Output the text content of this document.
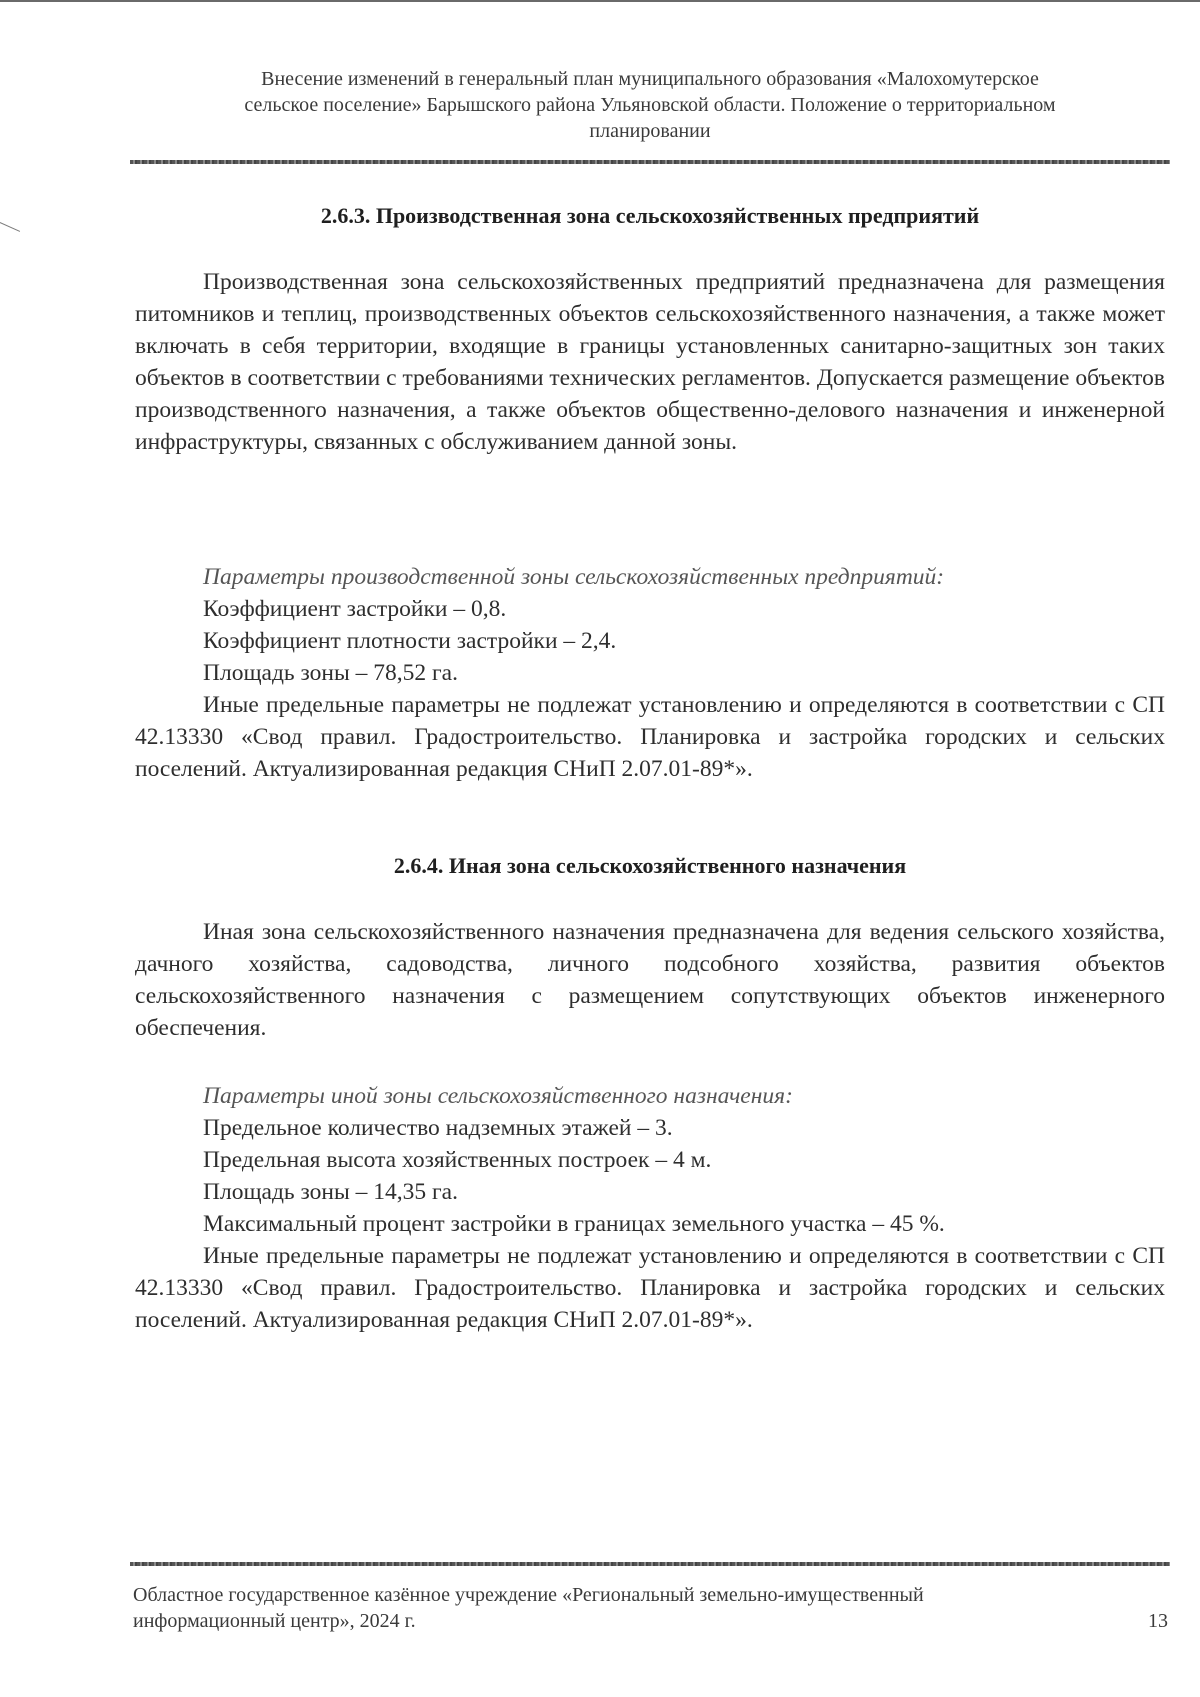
Внесение изменений в генеральный план муниципального образования «Малохомутерское
сельское поселение» Барышского района Ульяновской области. Положение о территориальном
планировании
2.6.3. Производственная зона сельскохозяйственных предприятий
Производственная зона сельскохозяйственных предприятий предназначена для размещения питомников и теплиц, производственных объектов сельскохозяйственного назначения, а также может включать в себя территории, входящие в границы установленных санитарно-защитных зон таких объектов в соответствии с требованиями технических регламентов. Допускается размещение объектов производственного назначения, а также объектов общественно-делового назначения и инженерной инфраструктуры, связанных с обслуживанием данной зоны.
Параметры производственной зоны сельскохозяйственных предприятий:
Коэффициент застройки – 0,8.
Коэффициент плотности застройки – 2,4.
Площадь зоны – 78,52 га.
Иные предельные параметры не подлежат установлению и определяются в соответствии с СП 42.13330 «Свод правил. Градостроительство. Планировка и застройка городских и сельских поселений. Актуализированная редакция СНиП 2.07.01-89*».
2.6.4. Иная зона сельскохозяйственного назначения
Иная зона сельскохозяйственного назначения предназначена для ведения сельского хозяйства, дачного хозяйства, садоводства, личного подсобного хозяйства, развития объектов сельскохозяйственного назначения с размещением сопутствующих объектов инженерного обеспечения.
Параметры иной зоны сельскохозяйственного назначения:
Предельное количество надземных этажей – 3.
Предельная высота хозяйственных построек – 4 м.
Площадь зоны – 14,35 га.
Максимальный процент застройки в границах земельного участка – 45 %.
Иные предельные параметры не подлежат установлению и определяются в соответствии с СП 42.13330 «Свод правил. Градостроительство. Планировка и застройка городских и сельских поселений. Актуализированная редакция СНиП 2.07.01-89*».
Областное государственное казённое учреждение «Региональный земельно-имущественный
информационный центр», 2024 г.	13
